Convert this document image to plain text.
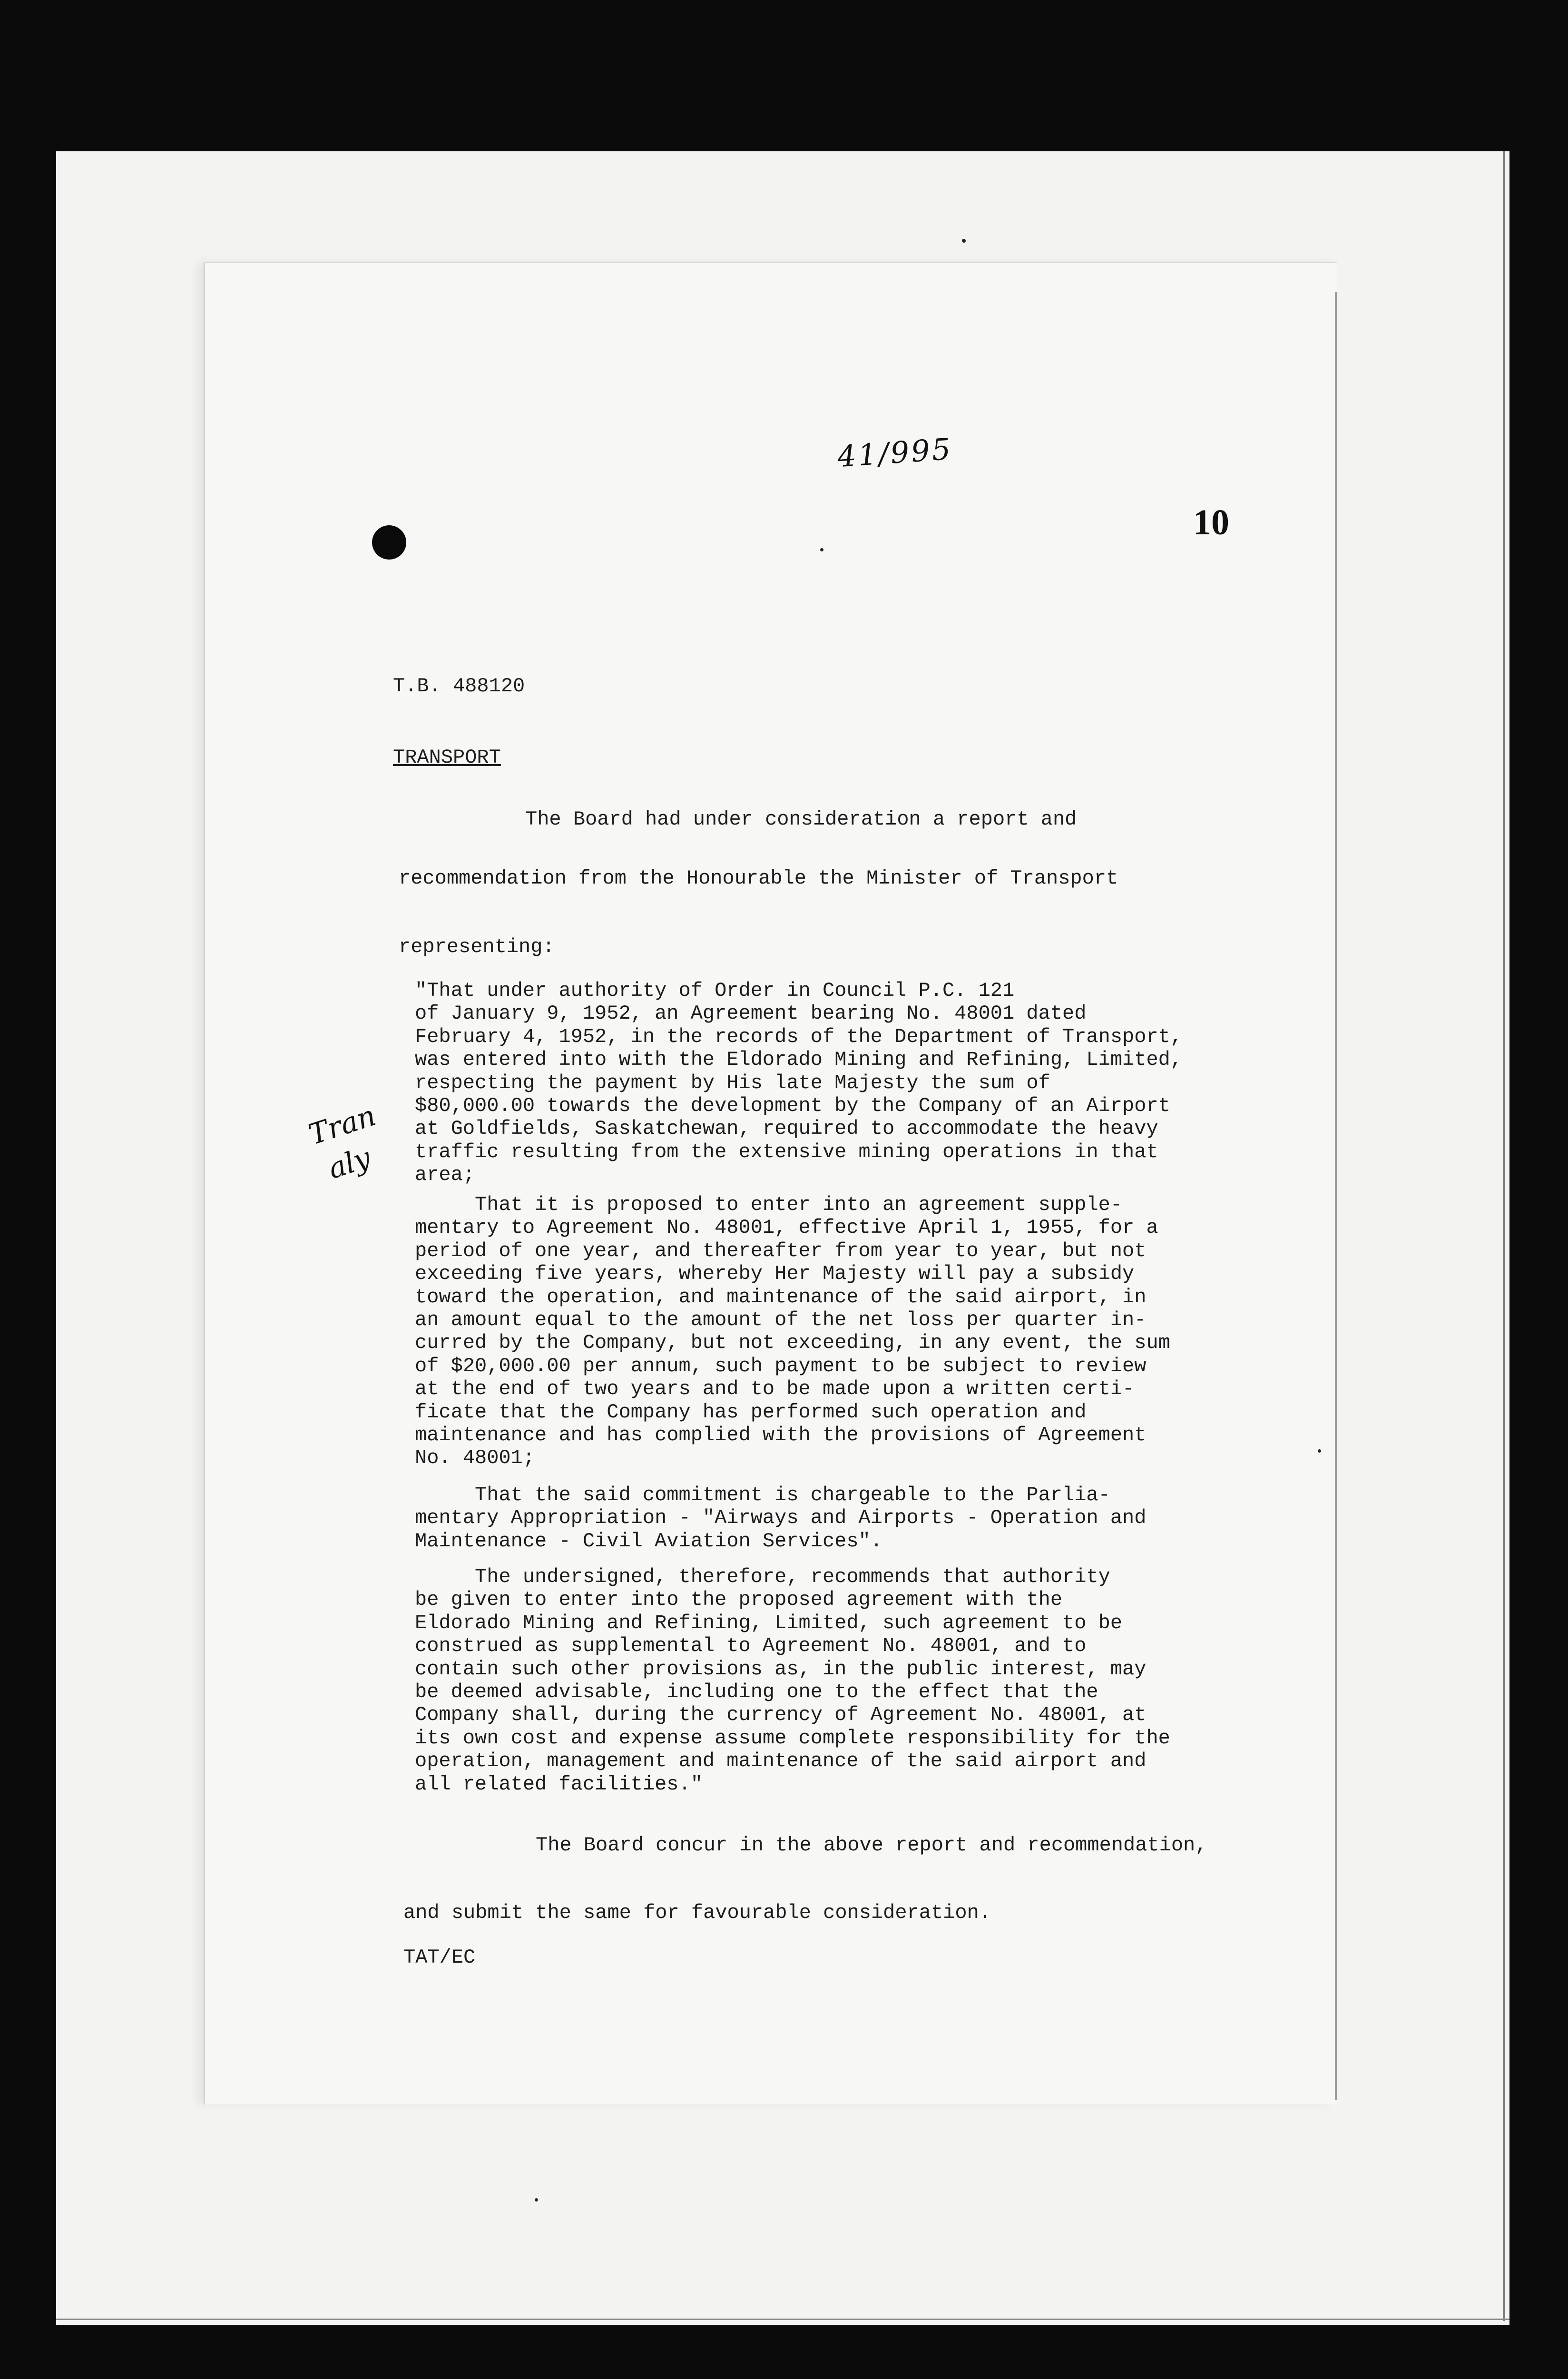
41/995
10
Tran
aly
T.B. 488120
TRANSPORT
The Board had under consideration a report and
recommendation from the Honourable the Minister of Transport
representing:
"That under authority of Order in Council P.C. 121
of January 9, 1952, an Agreement bearing No. 48001 dated
February 4, 1952, in the records of the Department of Transport,
was entered into with the Eldorado Mining and Refining, Limited,
respecting the payment by His late Majesty the sum of
$80,000.00 towards the development by the Company of an Airport
at Goldfields, Saskatchewan, required to accommodate the heavy
traffic resulting from the extensive mining operations in that
area;
That it is proposed to enter into an agreement supple-
mentary to Agreement No. 48001, effective April 1, 1955, for a
period of one year, and thereafter from year to year, but not
exceeding five years, whereby Her Majesty will pay a subsidy
toward the operation, and maintenance of the said airport, in
an amount equal to the amount of the net loss per quarter in-
curred by the Company, but not exceeding, in any event, the sum
of $20,000.00 per annum, such payment to be subject to review
at the end of two years and to be made upon a written certi-
ficate that the Company has performed such operation and
maintenance and has complied with the provisions of Agreement
No. 48001;
That the said commitment is chargeable to the Parlia-
mentary Appropriation - "Airways and Airports - Operation and
Maintenance - Civil Aviation Services".
The undersigned, therefore, recommends that authority
be given to enter into the proposed agreement with the
Eldorado Mining and Refining, Limited, such agreement to be
construed as supplemental to Agreement No. 48001, and to
contain such other provisions as, in the public interest, may
be deemed advisable, including one to the effect that the
Company shall, during the currency of Agreement No. 48001, at
its own cost and expense assume complete responsibility for the
operation, management and maintenance of the said airport and
all related facilities."
The Board concur in the above report and recommendation,
and submit the same for favourable consideration.
TAT/EC
